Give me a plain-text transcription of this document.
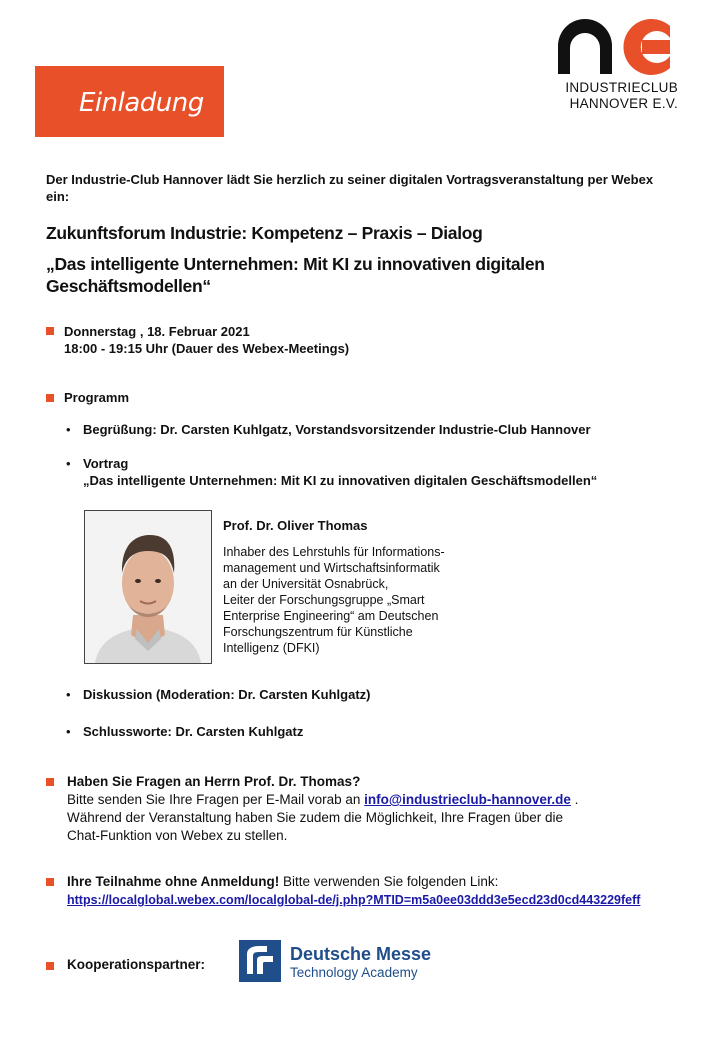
Einladung
INDUSTRIECLUB
HANNOVER E.V.
Der Industrie-Club Hannover lädt Sie herzlich zu seiner digitalen Vortragsveranstaltung per Webex ein:
Zukunftsforum Industrie: Kompetenz – Praxis – Dialog
„Das intelligente Unternehmen: Mit KI zu innovativen digitalen Geschäftsmodellen“
Donnerstag , 18. Februar 2021
18:00 - 19:15 Uhr (Dauer des Webex-Meetings)
Programm
• Begrüßung: Dr. Carsten Kuhlgatz, Vorstandsvorsitzender Industrie-Club Hannover
• Vortrag
„Das intelligente Unternehmen: Mit KI zu innovativen digitalen Geschäftsmodellen“
Prof. Dr. Oliver Thomas
Inhaber des Lehrstuhls für Informations-
management und Wirtschaftsinformatik
an der Universität Osnabrück,
Leiter der Forschungsgruppe „Smart
Enterprise Engineering“ am Deutschen
Forschungszentrum für Künstliche
Intelligenz (DFKI)
• Diskussion (Moderation: Dr. Carsten Kuhlgatz)
• Schlussworte: Dr. Carsten Kuhlgatz
Haben Sie Fragen an Herrn Prof. Dr. Thomas?
Bitte senden Sie Ihre Fragen per E-Mail vorab an info@industrieclub-hannover.de .
Während der Veranstaltung haben Sie zudem die Möglichkeit, Ihre Fragen über die
Chat-Funktion von Webex zu stellen.
Ihre Teilnahme ohne Anmeldung! Bitte verwenden Sie folgenden Link:
https://localglobal.webex.com/localglobal-de/j.php?MTID=m5a0ee03ddd3e5ecd23d0cd443229feff
Kooperationspartner:
Deutsche Messe
Technology Academy
